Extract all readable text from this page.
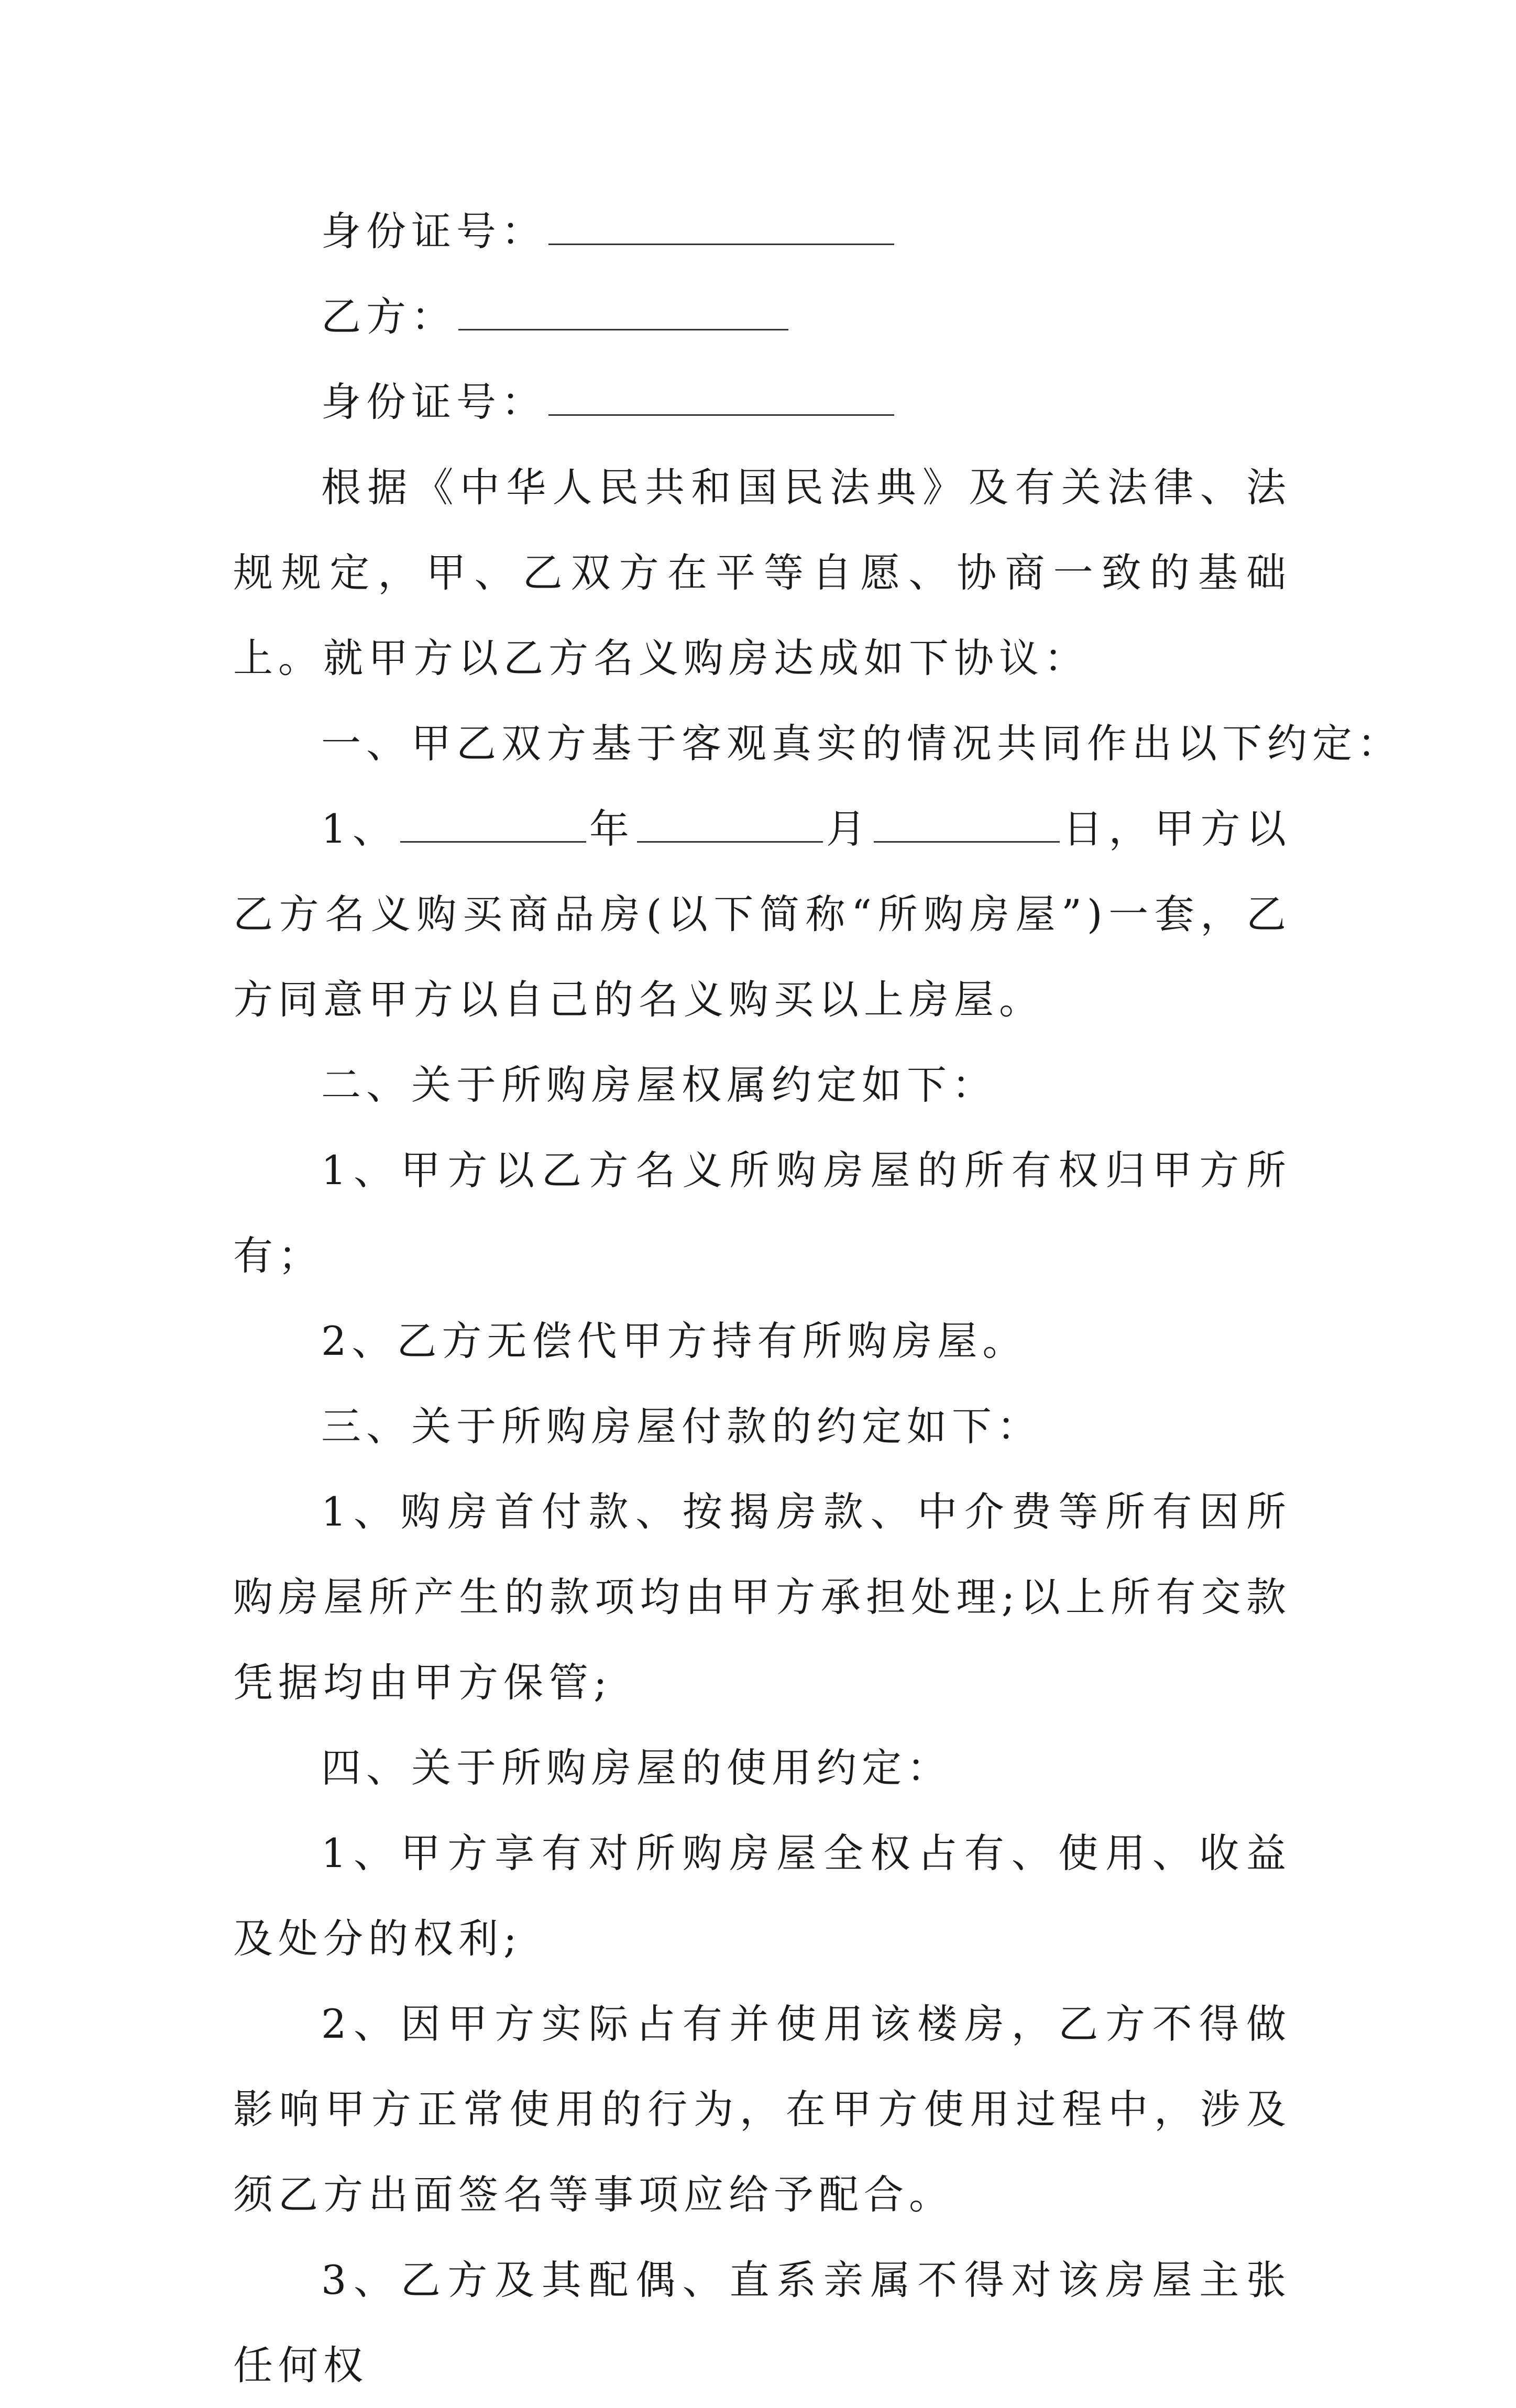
身份证号：

乙方：

身份证号：

根据《中华人民共和国民法典》及有关法律、法规规定，甲、乙双方在平等自愿、协商一致的基础上。就甲方以乙方名义购房达成如下协议：

一、甲乙双方基于客观真实的情况共同作出以下约定：

1、	年	月	日，甲方以乙方名义购买商品房(以下简称“所购房屋”)一套，乙方同意甲方以自己的名义购买以上房屋。

二、关于所购房屋权属约定如下：

1、甲方以乙方名义所购房屋的所有权归甲方所有；

2、乙方无偿代甲方持有所购房屋。

三、关于所购房屋付款的约定如下：

1、购房首付款、按揭房款、中介费等所有因所购房屋所产生的款项均由甲方承担处理;以上所有交款凭据均由甲方保管;

四、关于所购房屋的使用约定：

1、甲方享有对所购房屋全权占有、使用、收益及处分的权利;

2、因甲方实际占有并使用该楼房，乙方不得做影响甲方正常使用的行为，在甲方使用过程中，涉及须乙方出面签名等事项应给予配合。

3、乙方及其配偶、直系亲属不得对该房屋主张任何权
